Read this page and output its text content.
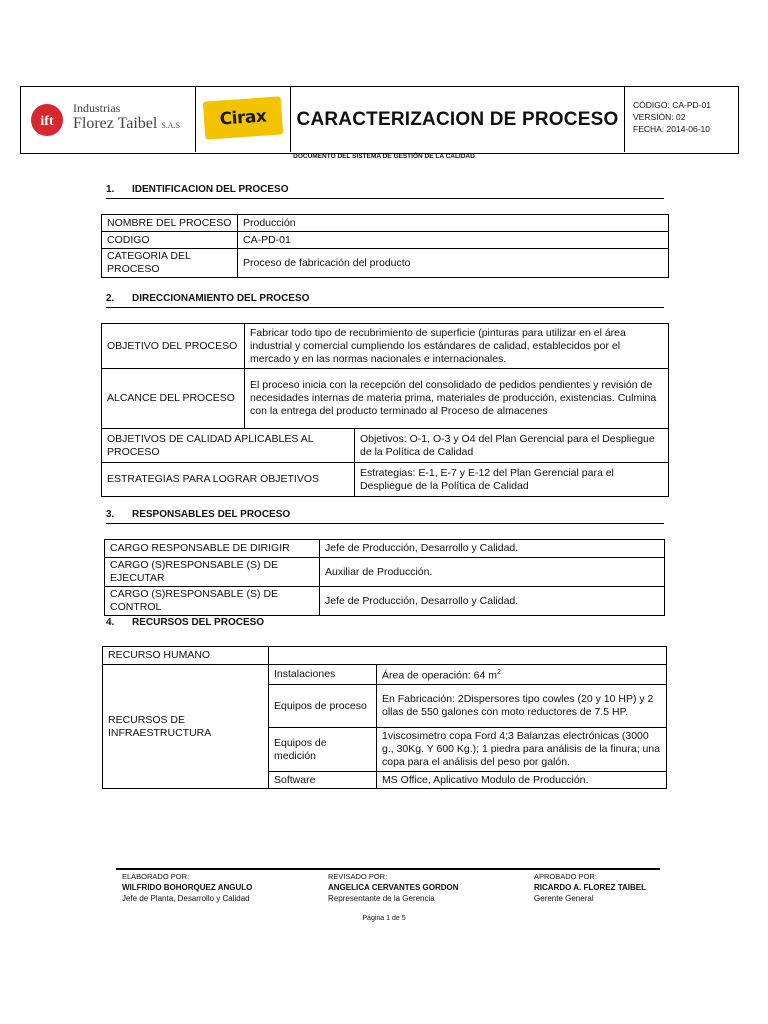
ift
Industrias
Florez Taibel S.A.S Cirax CARACTERIZACION DE PROCESO
CÓDIGO: CA-PD-01
VERSIÓN: 02
FECHA: 2014-06-10
DOCUMENTO DEL SISTEMA DE GESTIÓN DE LA CALIDAD
1. IDENTIFICACION DEL PROCESO
NOMBRE DEL PROCESO	Producción
CODIGO	CA-PD-01
CATEGORIA DEL PROCESO	Proceso de fabricación del producto
2. DIRECCIONAMIENTO DEL PROCESO
OBJETIVO DEL PROCESO	Fabricar todo tipo de recubrimiento de superficie (pinturas para utilizar en el área industrial y comercial cumpliendo los estándares de calidad, establecidos por el mercado y en las normas nacionales e internacionales.	
ALCANCE DEL PROCESO	El proceso inicia con la recepción del consolidado de pedidos pendientes y revisión de necesidades internas de materia prima, materiales de producción, existencias. Culmina con la entrega del producto terminado al Proceso de almacenes	
OBJETIVOS DE CALIDAD APLICABLES AL PROCESO		Objetivos: O-1, O-3 y O4 del Plan Gerencial para el Despliegue de la Política de Calidad
ESTRATEGIAS PARA LOGRAR OBJETIVOS		Estrategias: E-1, E-7 y E-12 del Plan Gerencial para el Despliegue de la Política de Calidad
3. RESPONSABLES DEL PROCESO
CARGO RESPONSABLE DE DIRIGIR	Jefe de Producción, Desarrollo y Calidad.
CARGO (S)RESPONSABLE (S) DE EJECUTAR	Auxiliar de Producción.
CARGO (S)RESPONSABLE (S) DE CONTROL	Jefe de Producción, Desarrollo y Calidad.
4. RECURSOS DEL PROCESO
RECURSO HUMANO		
RECURSOS DE INFRAESTRUCTURA	Instalaciones	Área de operación: 64 $m^2$
	Equipos de proceso	En Fabricación: 2Dispersores tipo cowles (20 y 10 HP) y 2 ollas de 550 galones con moto reductores de 7.5 HP.
	Equipos de medición	1viscosimetro copa Ford 4;3 Balanzas electrónicas (3000 g., 30Kg. Y 600 Kg.); 1 piedra para análisis de la finura; una copa para el análisis del peso por galón.
	Software	MS Office, Aplicativo Modulo de Producción.
ELABORADO POR:
WILFRIDO BOHORQUEZ ANGULO
Jefe de Planta, Desarrollo y Calidad
REVISADO POR:
ANGELICA CERVANTES GORDON
Representante de la Gerencia
APROBADO POR:
RICARDO A. FLOREZ TAIBEL
Gerente General
Página 1 de 5
